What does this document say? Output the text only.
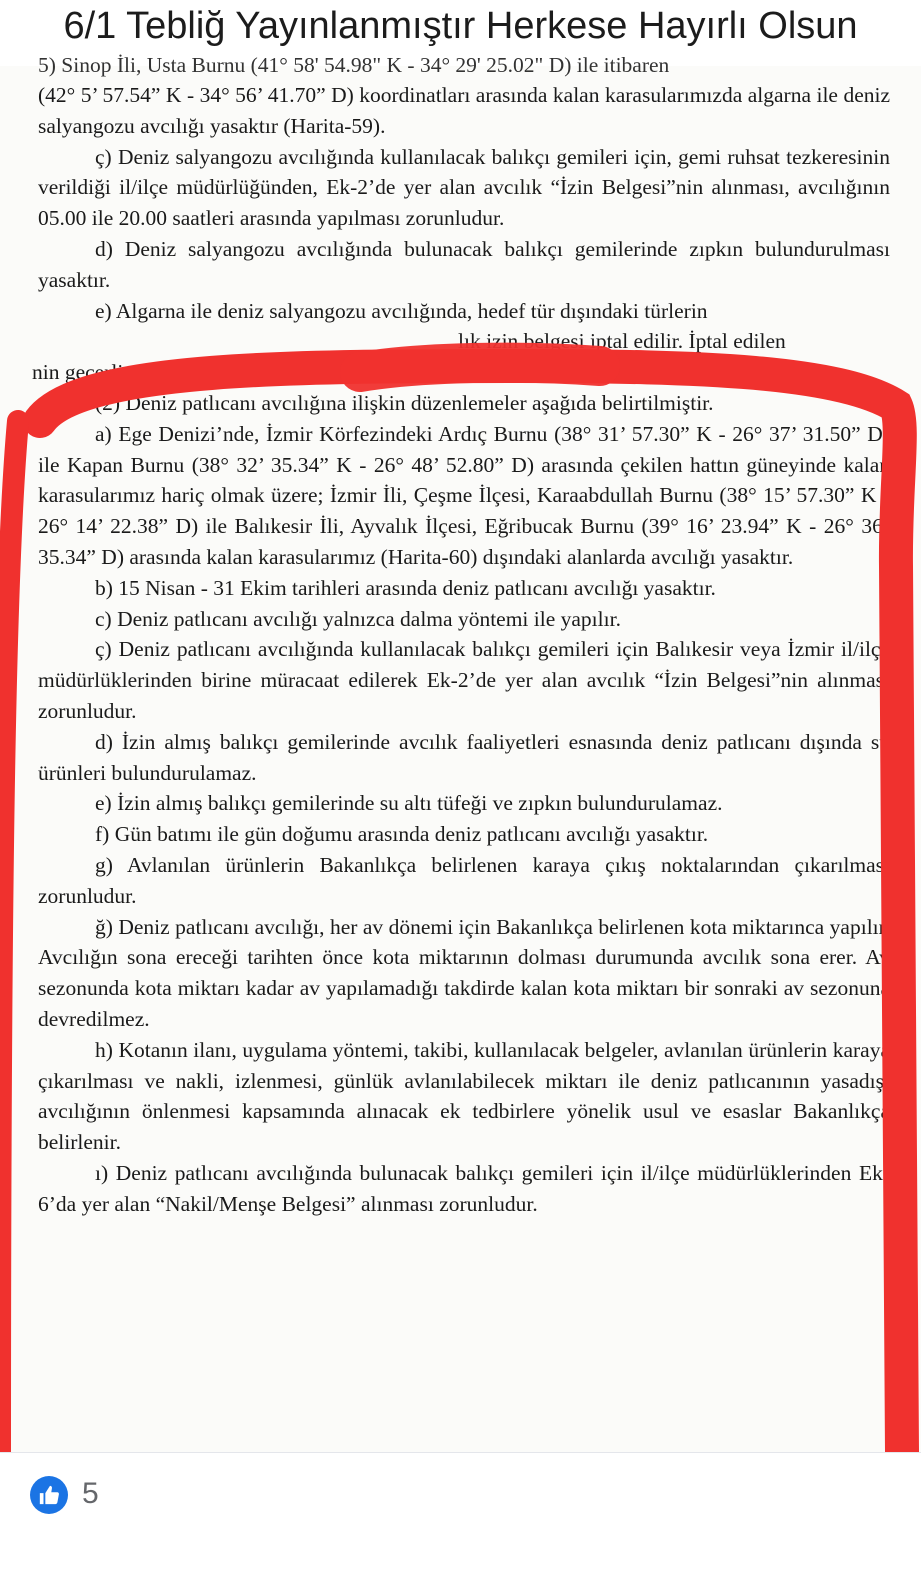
6/1 Tebliğ Yayınlanmıştır Herkese Hayırlı Olsun
5) Sinop İli, Usta Burnu (41° 58' 54.98" K - 34° 29' 25.02" D) ile itibaren

(42° 5’ 57.54” K - 34° 56’ 41.70” D) koordinatları arasında kalan karasularımızda algarna ile deniz salyangozu avcılığı yasaktır (Harita-59).

ç) Deniz salyangozu avcılığında kullanılacak balıkçı gemileri için, gemi ruhsat tezkeresinin verildiği il/ilçe müdürlüğünden, Ek-2’de yer alan avcılık “İzin Belgesi”nin alınması, avcılığının 05.00 ile 20.00 saatleri arasında yapılması zorunludur.

d) Deniz salyangozu avcılığında bulunacak balıkçı gemilerinde zıpkın bulundurulması yasaktır.

e) Algarna ile deniz salyangozu avcılığında, hedef tür dışındaki türlerin

lık izin belgesi iptal edilir. İptal edilen

nin geçerli olduğu av dönemi için yeni

(2) Deniz patlıcanı avcılığına ilişkin düzenlemeler aşağıda belirtilmiştir.

a) Ege Denizi’nde, İzmir Körfezindeki Ardıç Burnu (38° 31’ 57.30” K - 26° 37’ 31.50” D) ile Kapan Burnu (38° 32’ 35.34” K - 26° 48’ 52.80” D) arasında çekilen hattın güneyinde kalan karasularımız hariç olmak üzere; İzmir İli, Çeşme İlçesi, Karaabdullah Burnu (38° 15’ 57.30” K - 26° 14’ 22.38” D) ile Balıkesir İli, Ayvalık İlçesi, Eğribucak Burnu (39° 16’ 23.94” K - 26° 36’ 35.34” D) arasında kalan karasularımız (Harita-60) dışındaki alanlarda avcılığı yasaktır.

b) 15 Nisan - 31 Ekim tarihleri arasında deniz patlıcanı avcılığı yasaktır.

c) Deniz patlıcanı avcılığı yalnızca dalma yöntemi ile yapılır.

ç) Deniz patlıcanı avcılığında kullanılacak balıkçı gemileri için Balıkesir veya İzmir il/ilçe müdürlüklerinden birine müracaat edilerek Ek-2’de yer alan avcılık “İzin Belgesi”nin alınması zorunludur.

d) İzin almış balıkçı gemilerinde avcılık faaliyetleri esnasında deniz patlıcanı dışında su ürünleri bulundurulamaz.

e) İzin almış balıkçı gemilerinde su altı tüfeği ve zıpkın bulundurulamaz.

f) Gün batımı ile gün doğumu arasında deniz patlıcanı avcılığı yasaktır.

g) Avlanılan ürünlerin Bakanlıkça belirlenen karaya çıkış noktalarından çıkarılması zorunludur.

ğ) Deniz patlıcanı avcılığı, her av dönemi için Bakanlıkça belirlenen kota miktarınca yapılır. Avcılığın sona ereceği tarihten önce kota miktarının dolması durumunda avcılık sona erer. Av sezonunda kota miktarı kadar av yapılamadığı takdirde kalan kota miktarı bir sonraki av sezonuna devredilmez.

h) Kotanın ilanı, uygulama yöntemi, takibi, kullanılacak belgeler, avlanılan ürünlerin karaya çıkarılması ve nakli, izlenmesi, günlük avlanılabilecek miktarı ile deniz patlıcanının yasadışı avcılığının önlenmesi kapsamında alınacak ek tedbirlere yönelik usul ve esaslar Bakanlıkça belirlenir.

ı) Deniz patlıcanı avcılığında bulunacak balıkçı gemileri için il/ilçe müdürlüklerinden Ek-6’da yer alan “Nakil/Menşe Belgesi” alınması zorunludur.

5
